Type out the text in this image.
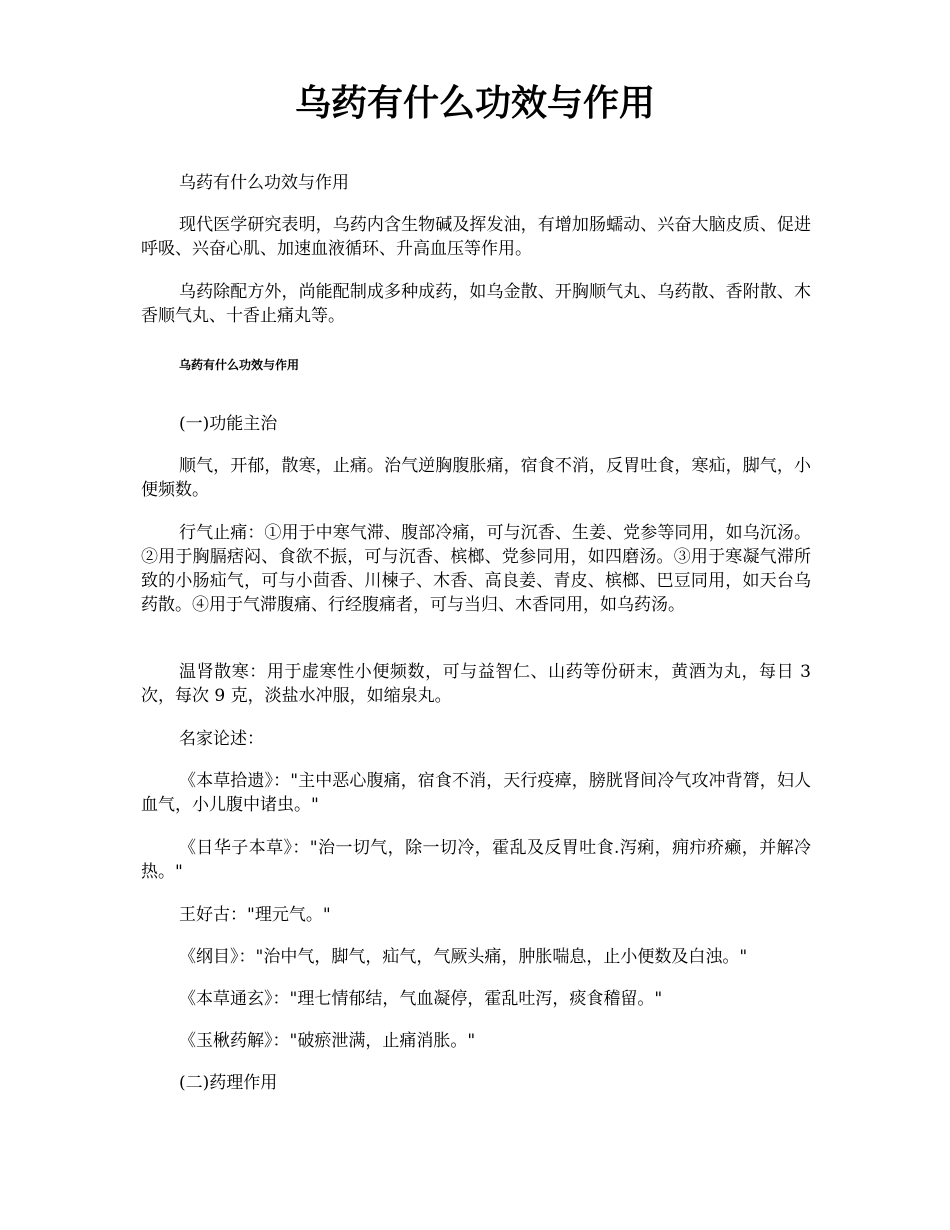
乌药有什么功效与作用

乌药有什么功效与作用

现代医学研究表明，乌药内含生物碱及挥发油，有增加肠蠕动、兴奋大脑皮质、促进呼吸、兴奋心肌、加速血液循环、升高血压等作用。

乌药除配方外，尚能配制成多种成药，如乌金散、开胸顺气丸、乌药散、香附散、木香顺气丸、十香止痛丸等。

乌药有什么功效与作用

(一)功能主治

顺气，开郁，散寒，止痛。治气逆胸腹胀痛，宿食不消，反胃吐食，寒疝，脚气，小便频数。

行气止痛：①用于中寒气滞、腹部冷痛，可与沉香、生姜、党参等同用，如乌沉汤。②用于胸膈痞闷、食欲不振，可与沉香、槟榔、党参同用，如四磨汤。③用于寒凝气滞所致的小肠疝气，可与小茴香、川楝子、木香、高良姜、青皮、槟榔、巴豆同用，如天台乌药散。④用于气滞腹痛、行经腹痛者，可与当归、木香同用，如乌药汤。

温肾散寒：用于虚寒性小便频数，可与益智仁、山药等份研末，黄酒为丸，每日 3 次，每次 9 克，淡盐水冲服，如缩泉丸。

名家论述：

《本草拾遗》："主中恶心腹痛，宿食不消，天行疫瘴，膀胱肾间冷气攻冲背膂，妇人血气，小儿腹中诸虫。"

《日华子本草》："治一切气，除一切冷，霍乱及反胃吐食.泻痢，痈疖疥癞，并解冷热。"

王好古："理元气。"

《纲目》："治中气，脚气，疝气，气厥头痛，肿胀喘息，止小便数及白浊。"

《本草通玄》："理七情郁结，气血凝停，霍乱吐泻，痰食稽留。"

《玉楸药解》："破瘀泄满，止痛消胀。"

(二)药理作用
